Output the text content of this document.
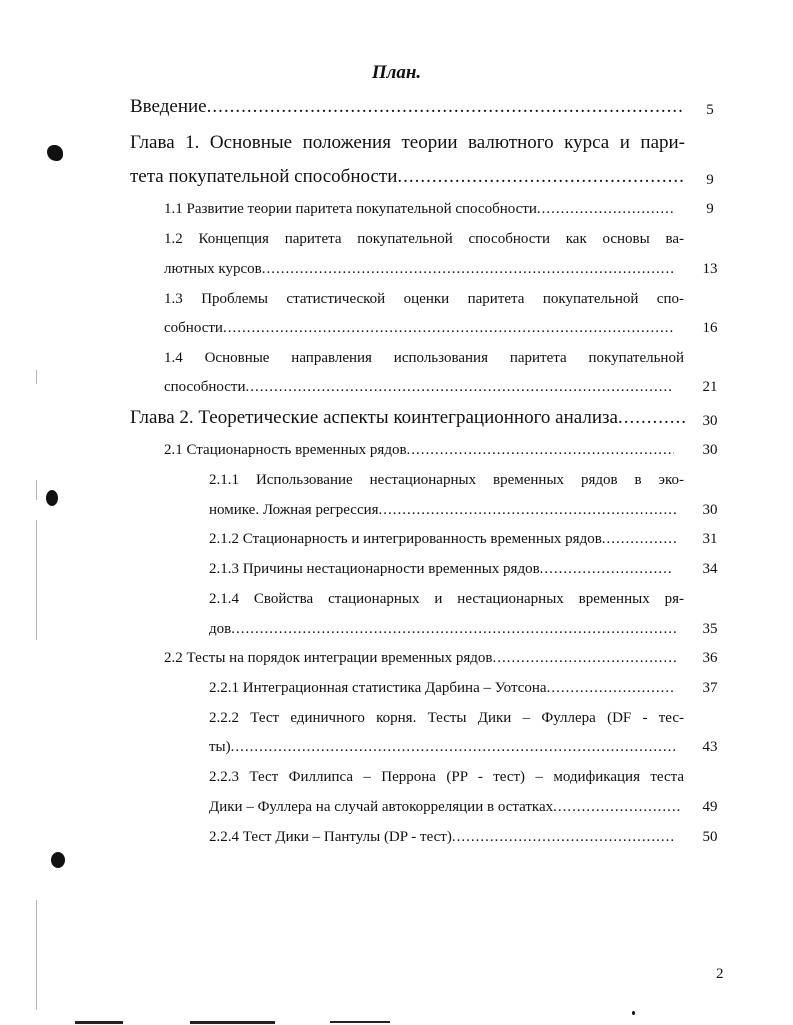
План.
Введение .....	5
Глава 1. Основные положения теории валютного курса и пари-
тета покупательной способности .....	9
1.1 Развитие теории паритета покупательной способности .....	9
1.2 Концепция паритета покупательной способности как основы ва-
лютных курсов .....	13
1.3 Проблемы статистической оценки паритета покупательной спо-
собности .....	16
1.4 Основные направления использования паритета покупательной
способности .....	21
Глава 2. Теоретические аспекты коинтеграционного анализа .....	30
2.1 Стационарность временных рядов .....	30
2.1.1 Использование нестационарных временных рядов в эко-
номике. Ложная регрессия .....	30
2.1.2 Стационарность и интегрированность временных рядов .....	31
2.1.3 Причины нестационарности временных рядов .....	34
2.1.4 Свойства стационарных и нестационарных временных ря-
дов .....	35
2.2 Тесты на порядок интеграции временных рядов .....	36
2.2.1 Интеграционная статистика Дарбина – Уотсона .....	37
2.2.2 Тест единичного корня. Тесты Дики – Фуллера (DF - тес-
ты) .....	43
2.2.3 Тест Филлипса – Перрона (PP - тест) – модификация теста
Дики – Фуллера на случай автокорреляции в остатках .....	49
2.2.4 Тест Дики – Пантулы (DP - тест) .....	50
2
